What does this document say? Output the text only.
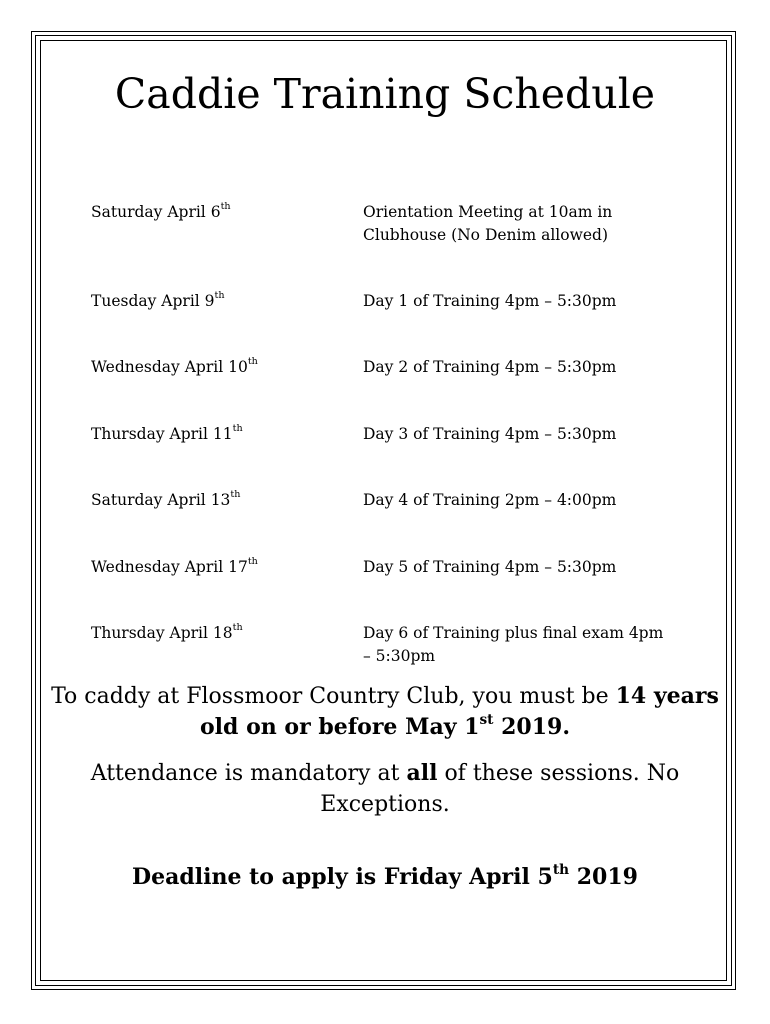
Caddie Training Schedule
Saturday April 6th	Orientation Meeting at 10am in Clubhouse (No Denim allowed)
Tuesday April 9th	Day 1 of Training 4pm – 5:30pm
Wednesday April 10th	Day 2 of Training 4pm – 5:30pm
Thursday April 11th	Day 3 of Training 4pm – 5:30pm
Saturday April 13th	Day 4 of Training 2pm – 4:00pm
Wednesday April 17th	Day 5 of Training 4pm – 5:30pm
Thursday April 18th	Day 6 of Training plus final exam 4pm – 5:30pm

To caddy at Flossmoor Country Club, you must be 14 years old on or before May 1st 2019.

Attendance is mandatory at all of these sessions. No Exceptions.

Deadline to apply is Friday April 5th 2019
